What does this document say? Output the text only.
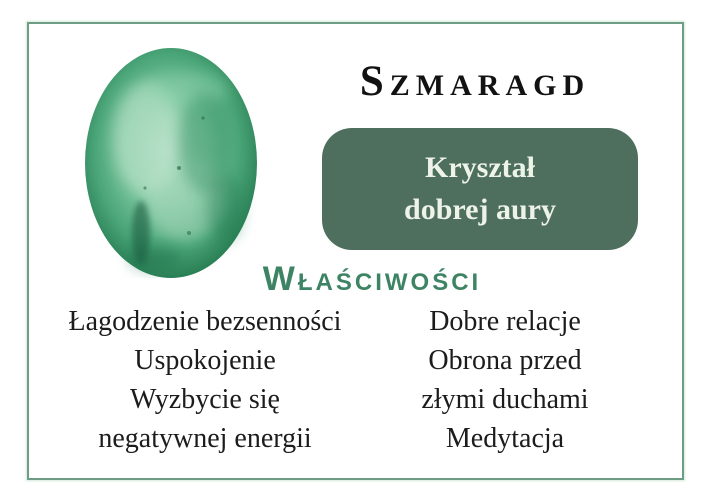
Szmaragd
Kryształ
dobrej aury
Właściwości
Łagodzenie bezsenności
Uspokojenie
Wyzbycie się
negatywnej energii
Dobre relacje
Obrona przed
złymi duchami
Medytacja
